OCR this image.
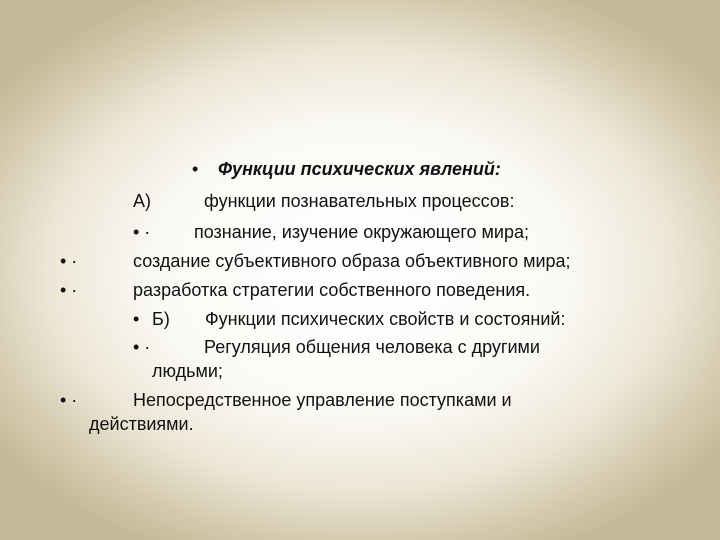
• Функции психических явлений:
А)	функции познавательных процессов:
• · познание, изучение окружающего мира;
• ·	создание субъективного образа объективного мира;
• ·	разработка стратегии собственного поведения.
• Б) Функции психических свойств и состояний:
• ·	Регуляция общения человека с другими
людьми;
• ·	Непосредственное управление поступками и
действиями.
